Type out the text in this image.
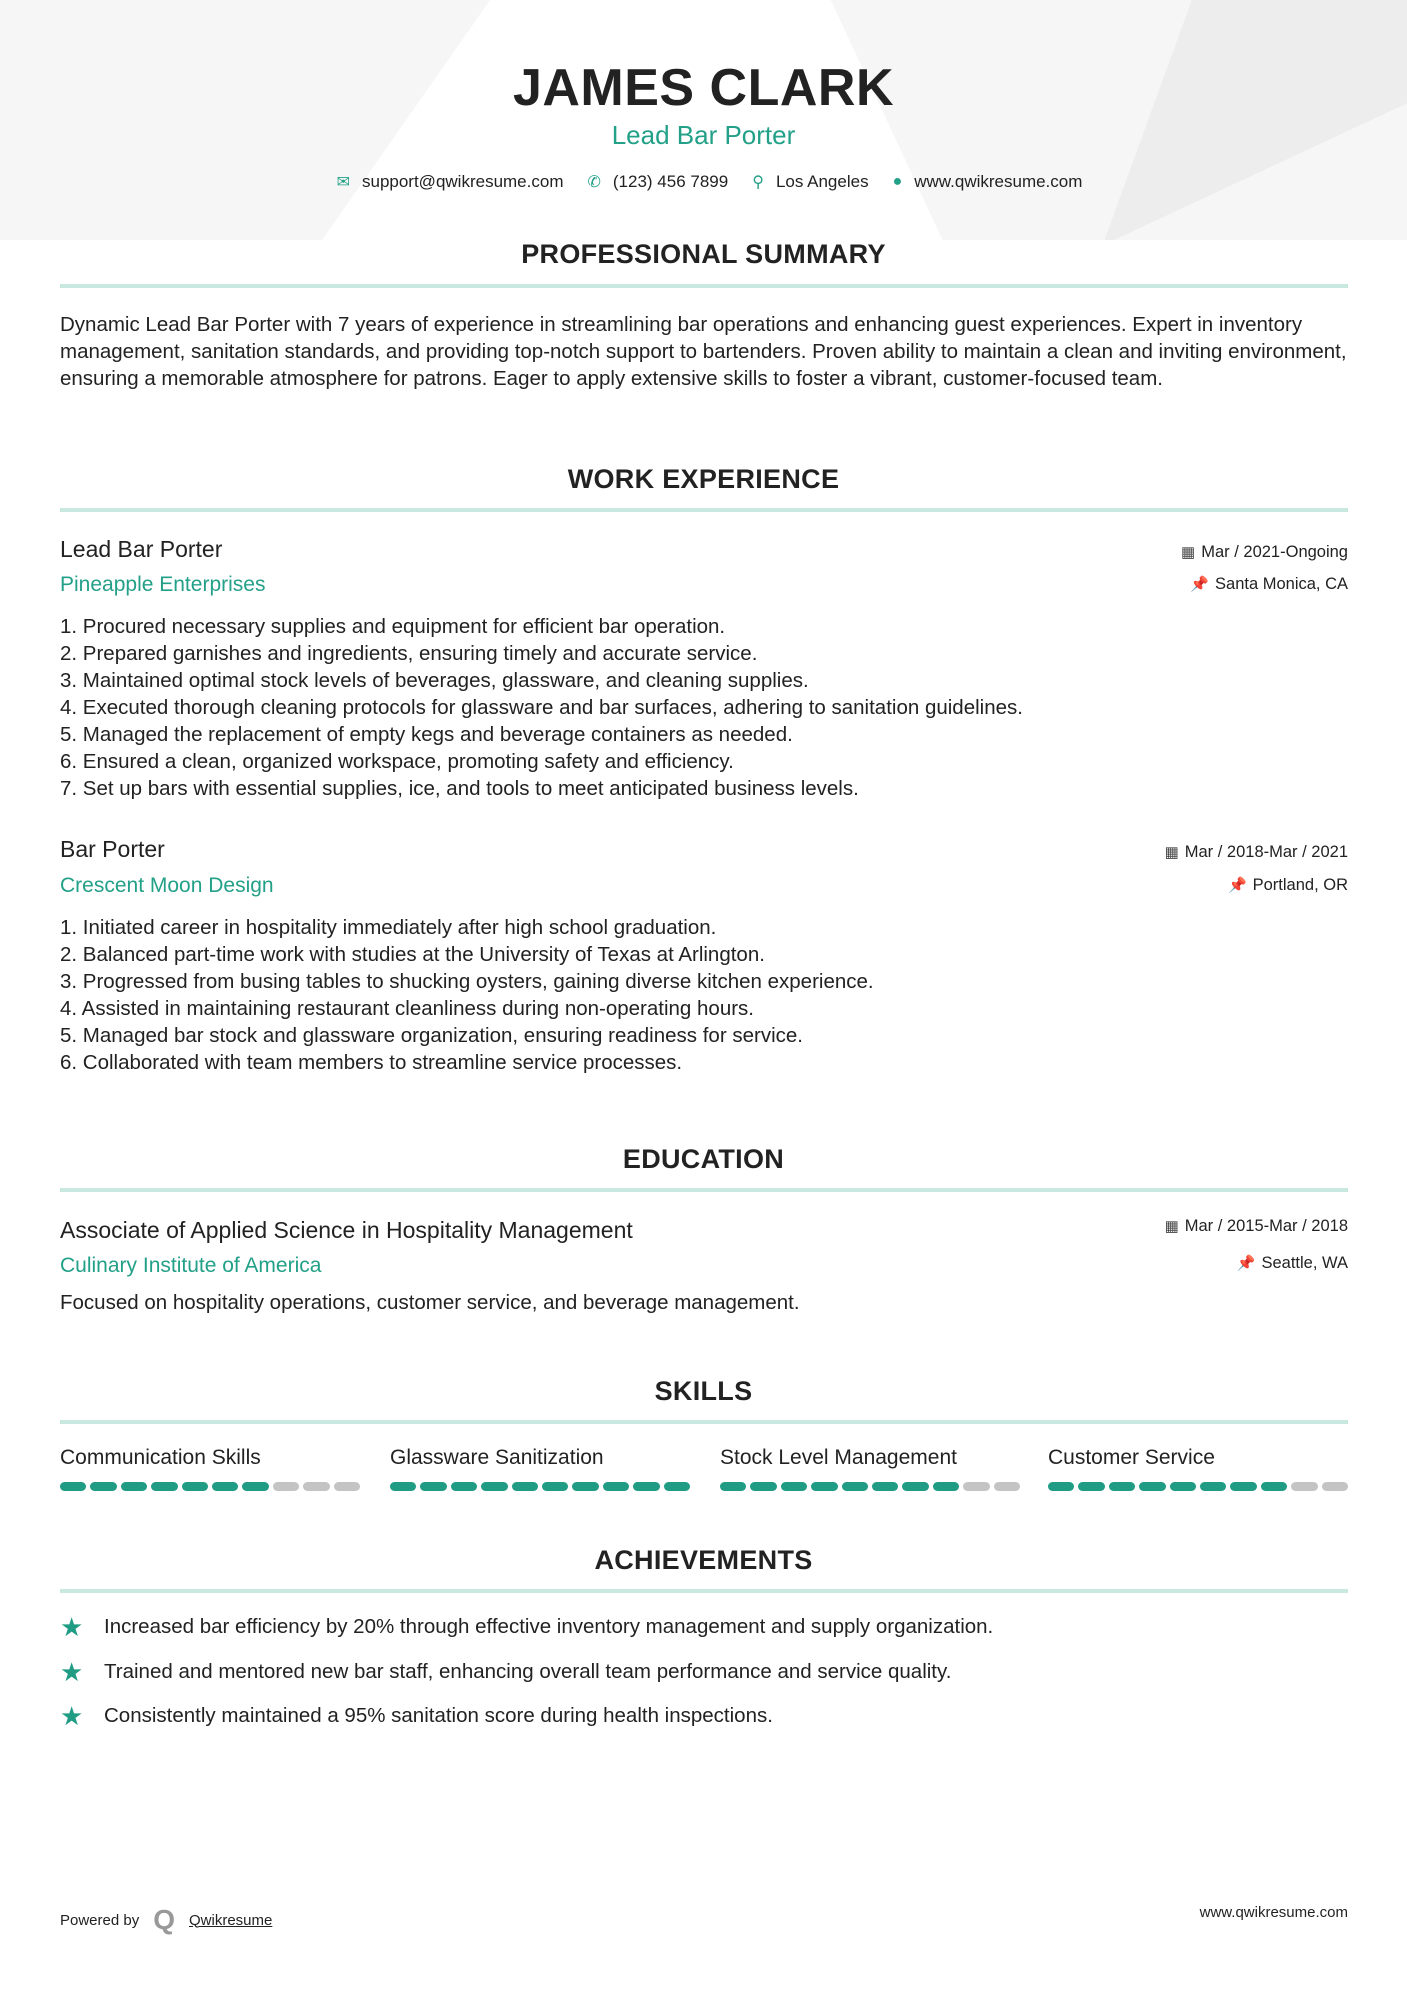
JAMES CLARK
Lead Bar Porter
✉ support@qwikresume.com ✆ (123) 456 7899 ⚲ Los Angeles ● www.qwikresume.com
PROFESSIONAL SUMMARY
Dynamic Lead Bar Porter with 7 years of experience in streamlining bar operations and enhancing guest experiences. Expert in inventory management, sanitation standards, and providing top-notch support to bartenders. Proven ability to maintain a clean and inviting environment, ensuring a memorable atmosphere for patrons. Eager to apply extensive skills to foster a vibrant, customer-focused team.
WORK EXPERIENCE
Lead Bar Porter
Pineapple Enterprises
▦ Mar / 2021-Ongoing
📌 Santa Monica, CA
1. Procured necessary supplies and equipment for efficient bar operation.
2. Prepared garnishes and ingredients, ensuring timely and accurate service.
3. Maintained optimal stock levels of beverages, glassware, and cleaning supplies.
4. Executed thorough cleaning protocols for glassware and bar surfaces, adhering to sanitation guidelines.
5. Managed the replacement of empty kegs and beverage containers as needed.
6. Ensured a clean, organized workspace, promoting safety and efficiency.
7. Set up bars with essential supplies, ice, and tools to meet anticipated business levels.
Bar Porter
Crescent Moon Design
▦ Mar / 2018-Mar / 2021
📌 Portland, OR
1. Initiated career in hospitality immediately after high school graduation.
2. Balanced part-time work with studies at the University of Texas at Arlington.
3. Progressed from busing tables to shucking oysters, gaining diverse kitchen experience.
4. Assisted in maintaining restaurant cleanliness during non-operating hours.
5. Managed bar stock and glassware organization, ensuring readiness for service.
6. Collaborated with team members to streamline service processes.
EDUCATION
Associate of Applied Science in Hospitality Management
Culinary Institute of America
▦ Mar / 2015-Mar / 2018
📌 Seattle, WA
Focused on hospitality operations, customer service, and beverage management.
SKILLS
Communication Skills	Glassware Sanitization	Stock Level Management	Customer Service
ACHIEVEMENTS
★	Increased bar efficiency by 20% through effective inventory management and supply organization.
★	Trained and mentored new bar staff, enhancing overall team performance and service quality.
★	Consistently maintained a 95% sanitation score during health inspections.
Powered by Q Qwikresume	www.qwikresume.com
